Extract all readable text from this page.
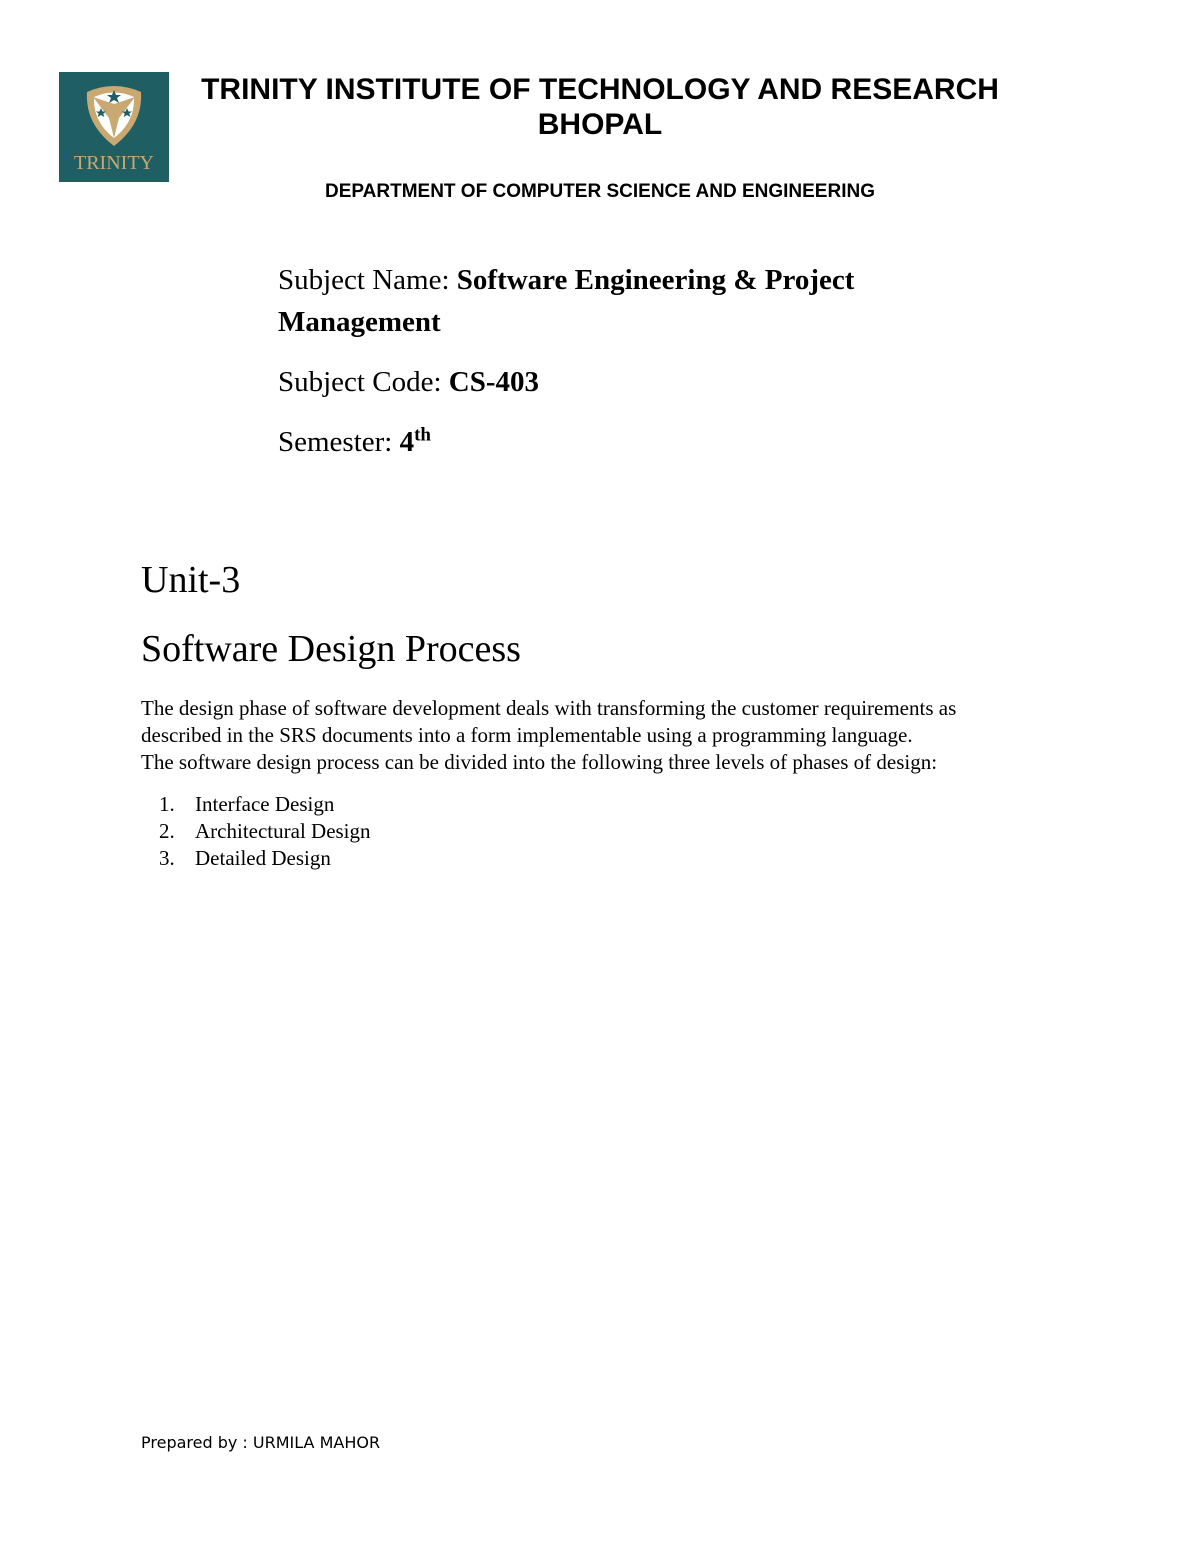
TRINITY
TRINITY INSTITUTE OF TECHNOLOGY AND RESEARCH
BHOPAL
DEPARTMENT OF COMPUTER SCIENCE AND ENGINEERING
Subject Name: Software Engineering & Project
Management
Subject Code: CS-403
Semester: 4th
Unit-3
Software Design Process
The design phase of software development deals with transforming the customer requirements as
described in the SRS documents into a form implementable using a programming language.
The software design process can be divided into the following three levels of phases of design:
1. Interface Design
2. Architectural Design
3. Detailed Design
Prepared by : URMILA MAHOR
